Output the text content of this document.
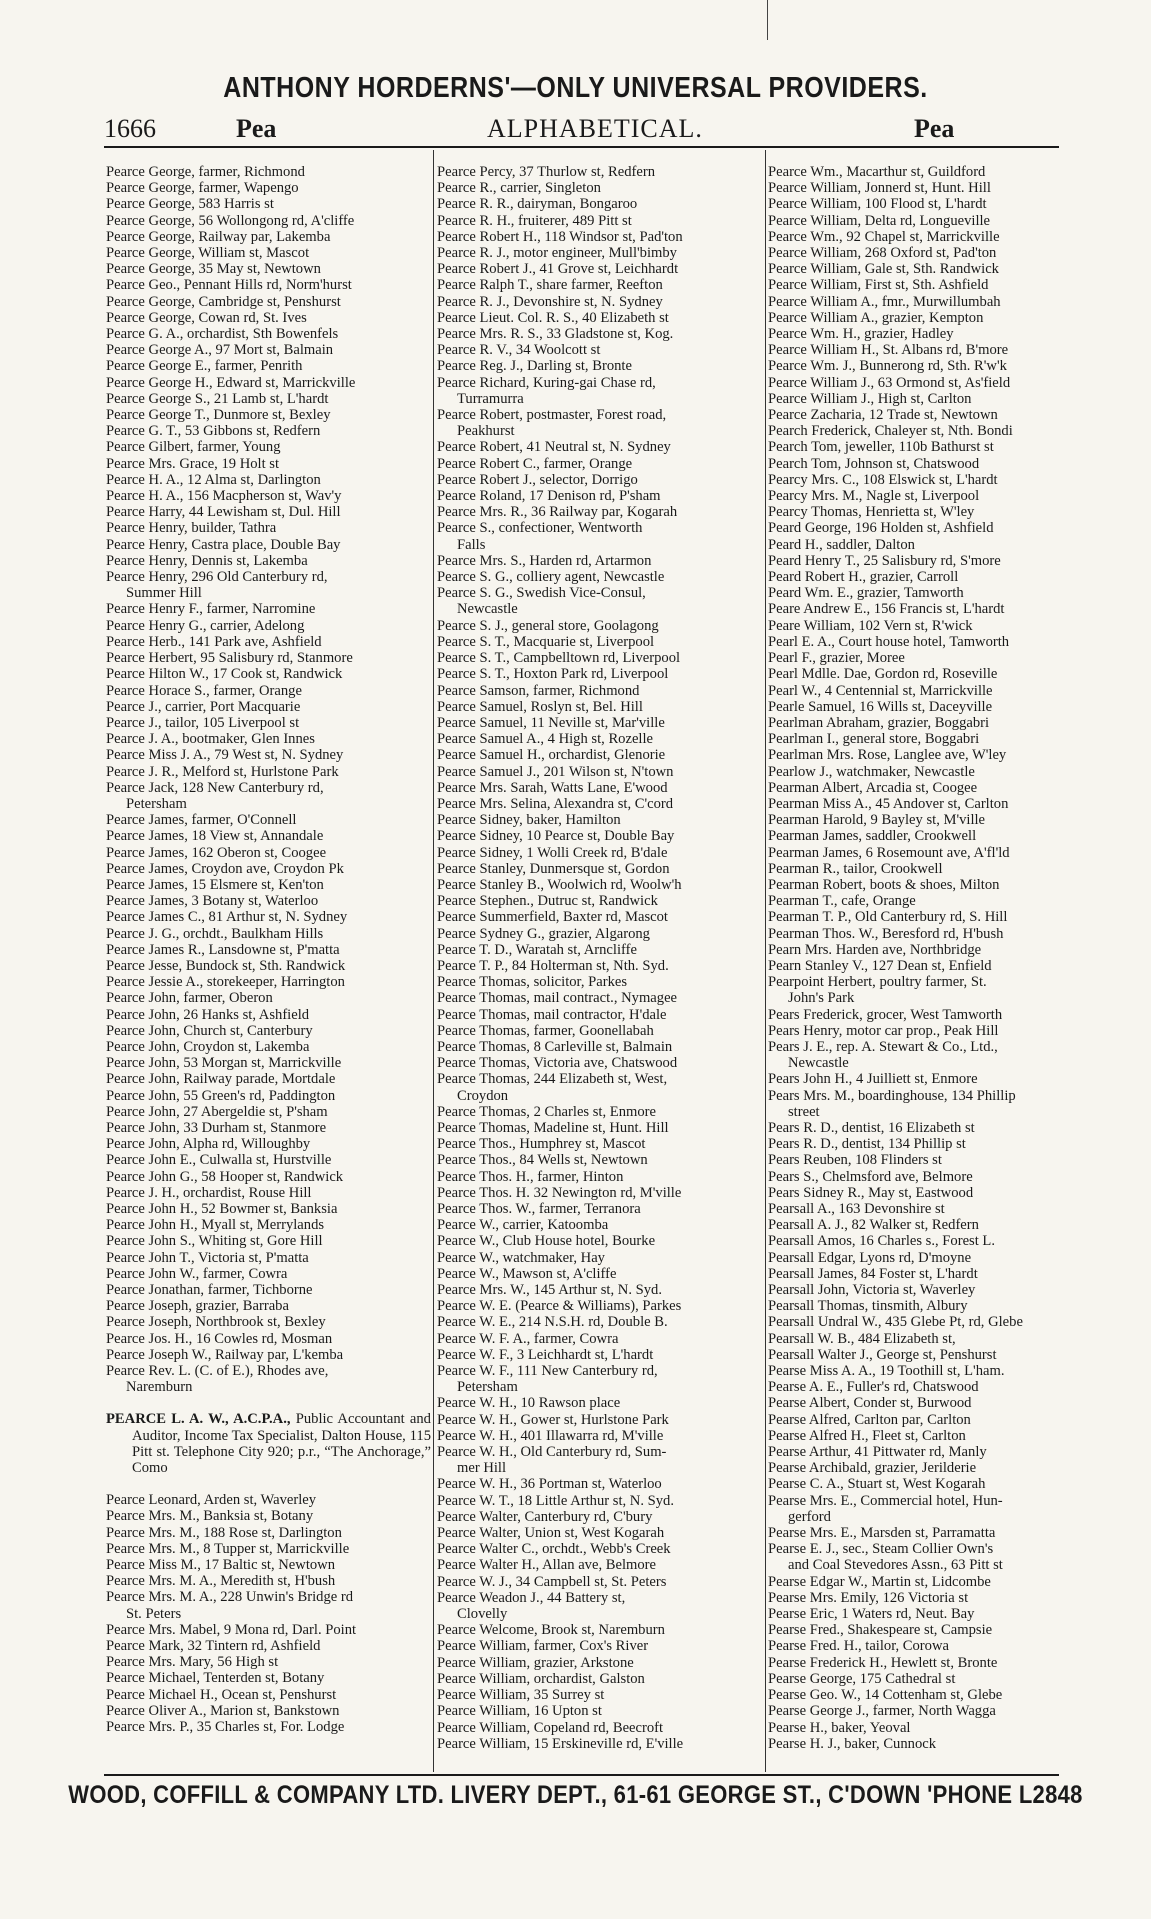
ANTHONY HORDERNS'—ONLY UNIVERSAL PROVIDERS.
1666	Pea	ALPHABETICAL.	Pea
Pearce George, farmer, Richmond
Pearce George, farmer, Wapengo
Pearce George, 583 Harris st
Pearce George, 56 Wollongong rd, A'cliffe
Pearce George, Railway par, Lakemba
Pearce George, William st, Mascot
Pearce George, 35 May st, Newtown
Pearce Geo., Pennant Hills rd, Norm'hurst
Pearce George, Cambridge st, Penshurst
Pearce George, Cowan rd, St. Ives
Pearce G. A., orchardist, Sth Bowenfels
Pearce George A., 97 Mort st, Balmain
Pearce George E., farmer, Penrith
Pearce George H., Edward st, Marrickville
Pearce George S., 21 Lamb st, L'hardt
Pearce George T., Dunmore st, Bexley
Pearce G. T., 53 Gibbons st, Redfern
Pearce Gilbert, farmer, Young
Pearce Mrs. Grace, 19 Holt st
Pearce H. A., 12 Alma st, Darlington
Pearce H. A., 156 Macpherson st, Wav'y
Pearce Harry, 44 Lewisham st, Dul. Hill
Pearce Henry, builder, Tathra
Pearce Henry, Castra place, Double Bay
Pearce Henry, Dennis st, Lakemba
Pearce Henry, 296 Old Canterbury rd,
Summer Hill
Pearce Henry F., farmer, Narromine
Pearce Henry G., carrier, Adelong
Pearce Herb., 141 Park ave, Ashfield
Pearce Herbert, 95 Salisbury rd, Stanmore
Pearce Hilton W., 17 Cook st, Randwick
Pearce Horace S., farmer, Orange
Pearce J., carrier, Port Macquarie
Pearce J., tailor, 105 Liverpool st
Pearce J. A., bootmaker, Glen Innes
Pearce Miss J. A., 79 West st, N. Sydney
Pearce J. R., Melford st, Hurlstone Park
Pearce Jack, 128 New Canterbury rd,
Petersham
Pearce James, farmer, O'Connell
Pearce James, 18 View st, Annandale
Pearce James, 162 Oberon st, Coogee
Pearce James, Croydon ave, Croydon Pk
Pearce James, 15 Elsmere st, Ken'ton
Pearce James, 3 Botany st, Waterloo
Pearce James C., 81 Arthur st, N. Sydney
Pearce J. G., orchdt., Baulkham Hills
Pearce James R., Lansdowne st, P'matta
Pearce Jesse, Bundock st, Sth. Randwick
Pearce Jessie A., storekeeper, Harrington
Pearce John, farmer, Oberon
Pearce John, 26 Hanks st, Ashfield
Pearce John, Church st, Canterbury
Pearce John, Croydon st, Lakemba
Pearce John, 53 Morgan st, Marrickville
Pearce John, Railway parade, Mortdale
Pearce John, 55 Green's rd, Paddington
Pearce John, 27 Abergeldie st, P'sham
Pearce John, 33 Durham st, Stanmore
Pearce John, Alpha rd, Willoughby
Pearce John E., Culwalla st, Hurstville
Pearce John G., 58 Hooper st, Randwick
Pearce J. H., orchardist, Rouse Hill
Pearce John H., 52 Bowmer st, Banksia
Pearce John H., Myall st, Merrylands
Pearce John S., Whiting st, Gore Hill
Pearce John T., Victoria st, P'matta
Pearce John W., farmer, Cowra
Pearce Jonathan, farmer, Tichborne
Pearce Joseph, grazier, Barraba
Pearce Joseph, Northbrook st, Bexley
Pearce Jos. H., 16 Cowles rd, Mosman
Pearce Joseph W., Railway par, L'kemba
Pearce Rev. L. (C. of E.), Rhodes ave,
Naremburn
PEARCE L. A. W., A.C.P.A., Public Accountant and Auditor, Income Tax Specialist, Dalton House, 115 Pitt st. Telephone City 920; p.r., “The Anchorage,” Como
Pearce Leonard, Arden st, Waverley
Pearce Mrs. M., Banksia st, Botany
Pearce Mrs. M., 188 Rose st, Darlington
Pearce Mrs. M., 8 Tupper st, Marrickville
Pearce Miss M., 17 Baltic st, Newtown
Pearce Mrs. M. A., Meredith st, H'bush
Pearce Mrs. M. A., 228 Unwin's Bridge rd
St. Peters
Pearce Mrs. Mabel, 9 Mona rd, Darl. Point
Pearce Mark, 32 Tintern rd, Ashfield
Pearce Mrs. Mary, 56 High st
Pearce Michael, Tenterden st, Botany
Pearce Michael H., Ocean st, Penshurst
Pearce Oliver A., Marion st, Bankstown
Pearce Mrs. P., 35 Charles st, For. Lodge
Pearce Percy, 37 Thurlow st, Redfern
Pearce R., carrier, Singleton
Pearce R. R., dairyman, Bongaroo
Pearce R. H., fruiterer, 489 Pitt st
Pearce Robert H., 118 Windsor st, Pad'ton
Pearce R. J., motor engineer, Mull'bimby
Pearce Robert J., 41 Grove st, Leichhardt
Pearce Ralph T., share farmer, Reefton
Pearce R. J., Devonshire st, N. Sydney
Pearce Lieut. Col. R. S., 40 Elizabeth st
Pearce Mrs. R. S., 33 Gladstone st, Kog.
Pearce R. V., 34 Woolcott st
Pearce Reg. J., Darling st, Bronte
Pearce Richard, Kuring-gai Chase rd,
Turramurra
Pearce Robert, postmaster, Forest road,
Peakhurst
Pearce Robert, 41 Neutral st, N. Sydney
Pearce Robert C., farmer, Orange
Pearce Robert J., selector, Dorrigo
Pearce Roland, 17 Denison rd, P'sham
Pearce Mrs. R., 36 Railway par, Kogarah
Pearce S., confectioner, Wentworth
Falls
Pearce Mrs. S., Harden rd, Artarmon
Pearce S. G., colliery agent, Newcastle
Pearce S. G., Swedish Vice-Consul,
Newcastle
Pearce S. J., general store, Goolagong
Pearce S. T., Macquarie st, Liverpool
Pearce S. T., Campbelltown rd, Liverpool
Pearce S. T., Hoxton Park rd, Liverpool
Pearce Samson, farmer, Richmond
Pearce Samuel, Roslyn st, Bel. Hill
Pearce Samuel, 11 Neville st, Mar'ville
Pearce Samuel A., 4 High st, Rozelle
Pearce Samuel H., orchardist, Glenorie
Pearce Samuel J., 201 Wilson st, N'town
Pearce Mrs. Sarah, Watts Lane, E'wood
Pearce Mrs. Selina, Alexandra st, C'cord
Pearce Sidney, baker, Hamilton
Pearce Sidney, 10 Pearce st, Double Bay
Pearce Sidney, 1 Wolli Creek rd, B'dale
Pearce Stanley, Dunmersque st, Gordon
Pearce Stanley B., Woolwich rd, Woolw'h
Pearce Stephen., Dutruc st, Randwick
Pearce Summerfield, Baxter rd, Mascot
Pearce Sydney G., grazier, Algarong
Pearce T. D., Waratah st, Arncliffe
Pearce T. P., 84 Holterman st, Nth. Syd.
Pearce Thomas, solicitor, Parkes
Pearce Thomas, mail contract., Nymagee
Pearce Thomas, mail contractor, H'dale
Pearce Thomas, farmer, Goonellabah
Pearce Thomas, 8 Carleville st, Balmain
Pearce Thomas, Victoria ave, Chatswood
Pearce Thomas, 244 Elizabeth st, West,
Croydon
Pearce Thomas, 2 Charles st, Enmore
Pearce Thomas, Madeline st, Hunt. Hill
Pearce Thos., Humphrey st, Mascot
Pearce Thos., 84 Wells st, Newtown
Pearce Thos. H., farmer, Hinton
Pearce Thos. H. 32 Newington rd, M'ville
Pearce Thos. W., farmer, Terranora
Pearce W., carrier, Katoomba
Pearce W., Club House hotel, Bourke
Pearce W., watchmaker, Hay
Pearce W., Mawson st, A'cliffe
Pearce Mrs. W., 145 Arthur st, N. Syd.
Pearce W. E. (Pearce & Williams), Parkes
Pearce W. E., 214 N.S.H. rd, Double B.
Pearce W. F. A., farmer, Cowra
Pearce W. F., 3 Leichhardt st, L'hardt
Pearce W. F., 111 New Canterbury rd,
Petersham
Pearce W. H., 10 Rawson place
Pearce W. H., Gower st, Hurlstone Park
Pearce W. H., 401 Illawarra rd, M'ville
Pearce W. H., Old Canterbury rd, Sum-
mer Hill
Pearce W. H., 36 Portman st, Waterloo
Pearce W. T., 18 Little Arthur st, N. Syd.
Pearce Walter, Canterbury rd, C'bury
Pearce Walter, Union st, West Kogarah
Pearce Walter C., orchdt., Webb's Creek
Pearce Walter H., Allan ave, Belmore
Pearce W. J., 34 Campbell st, St. Peters
Pearce Weadon J., 44 Battery st,
Clovelly
Pearce Welcome, Brook st, Naremburn
Pearce William, farmer, Cox's River
Pearce William, grazier, Arkstone
Pearce William, orchardist, Galston
Pearce William, 35 Surrey st
Pearce William, 16 Upton st
Pearce William, Copeland rd, Beecroft
Pearce William, 15 Erskineville rd, E'ville
Pearce Wm., Macarthur st, Guildford
Pearce William, Jonnerd st, Hunt. Hill
Pearce William, 100 Flood st, L'hardt
Pearce William, Delta rd, Longueville
Pearce Wm., 92 Chapel st, Marrickville
Pearce William, 268 Oxford st, Pad'ton
Pearce William, Gale st, Sth. Randwick
Pearce William, First st, Sth. Ashfield
Pearce William A., fmr., Murwillumbah
Pearce William A., grazier, Kempton
Pearce Wm. H., grazier, Hadley
Pearce William H., St. Albans rd, B'more
Pearce Wm. J., Bunnerong rd, Sth. R'w'k
Pearce William J., 63 Ormond st, As'field
Pearce William J., High st, Carlton
Pearce Zacharia, 12 Trade st, Newtown
Pearch Frederick, Chaleyer st, Nth. Bondi
Pearch Tom, jeweller, 110b Bathurst st
Pearch Tom, Johnson st, Chatswood
Pearcy Mrs. C., 108 Elswick st, L'hardt
Pearcy Mrs. M., Nagle st, Liverpool
Pearcy Thomas, Henrietta st, W'ley
Peard George, 196 Holden st, Ashfield
Peard H., saddler, Dalton
Peard Henry T., 25 Salisbury rd, S'more
Peard Robert H., grazier, Carroll
Peard Wm. E., grazier, Tamworth
Peare Andrew E., 156 Francis st, L'hardt
Peare William, 102 Vern st, R'wick
Pearl E. A., Court house hotel, Tamworth
Pearl F., grazier, Moree
Pearl Mdlle. Dae, Gordon rd, Roseville
Pearl W., 4 Centennial st, Marrickville
Pearle Samuel, 16 Wills st, Daceyville
Pearlman Abraham, grazier, Boggabri
Pearlman I., general store, Boggabri
Pearlman Mrs. Rose, Langlee ave, W'ley
Pearlow J., watchmaker, Newcastle
Pearman Albert, Arcadia st, Coogee
Pearman Miss A., 45 Andover st, Carlton
Pearman Harold, 9 Bayley st, M'ville
Pearman James, saddler, Crookwell
Pearman James, 6 Rosemount ave, A'fl'ld
Pearman R., tailor, Crookwell
Pearman Robert, boots & shoes, Milton
Pearman T., cafe, Orange
Pearman T. P., Old Canterbury rd, S. Hill
Pearman Thos. W., Beresford rd, H'bush
Pearn Mrs. Harden ave, Northbridge
Pearn Stanley V., 127 Dean st, Enfield
Pearpoint Herbert, poultry farmer, St.
John's Park
Pears Frederick, grocer, West Tamworth
Pears Henry, motor car prop., Peak Hill
Pears J. E., rep. A. Stewart & Co., Ltd.,
Newcastle
Pears John H., 4 Juilliett st, Enmore
Pears Mrs. M., boardinghouse, 134 Phillip
street
Pears R. D., dentist, 16 Elizabeth st
Pears R. D., dentist, 134 Phillip st
Pears Reuben, 108 Flinders st
Pears S., Chelmsford ave, Belmore
Pears Sidney R., May st, Eastwood
Pearsall A., 163 Devonshire st
Pearsall A. J., 82 Walker st, Redfern
Pearsall Amos, 16 Charles s., Forest L.
Pearsall Edgar, Lyons rd, D'moyne
Pearsall James, 84 Foster st, L'hardt
Pearsall John, Victoria st, Waverley
Pearsall Thomas, tinsmith, Albury
Pearsall Undral W., 435 Glebe Pt, rd, Glebe
Pearsall W. B., 484 Elizabeth st,
Pearsall Walter J., George st, Penshurst
Pearse Miss A. A., 19 Toothill st, L'ham.
Pearse A. E., Fuller's rd, Chatswood
Pearse Albert, Conder st, Burwood
Pearse Alfred, Carlton par, Carlton
Pearse Alfred H., Fleet st, Carlton
Pearse Arthur, 41 Pittwater rd, Manly
Pearse Archibald, grazier, Jerilderie
Pearse C. A., Stuart st, West Kogarah
Pearse Mrs. E., Commercial hotel, Hun-
gerford
Pearse Mrs. E., Marsden st, Parramatta
Pearse E. J., sec., Steam Collier Own's
and Coal Stevedores Assn., 63 Pitt st
Pearse Edgar W., Martin st, Lidcombe
Pearse Mrs. Emily, 126 Victoria st
Pearse Eric, 1 Waters rd, Neut. Bay
Pearse Fred., Shakespeare st, Campsie
Pearse Fred. H., tailor, Corowa
Pearse Frederick H., Hewlett st, Bronte
Pearse George, 175 Cathedral st
Pearse Geo. W., 14 Cottenham st, Glebe
Pearse George J., farmer, North Wagga
Pearse H., baker, Yeoval
Pearse H. J., baker, Cunnock
WOOD, COFFILL & COMPANY LTD. LIVERY DEPT., 61-61 GEORGE ST., C'DOWN 'PHONE L2848
